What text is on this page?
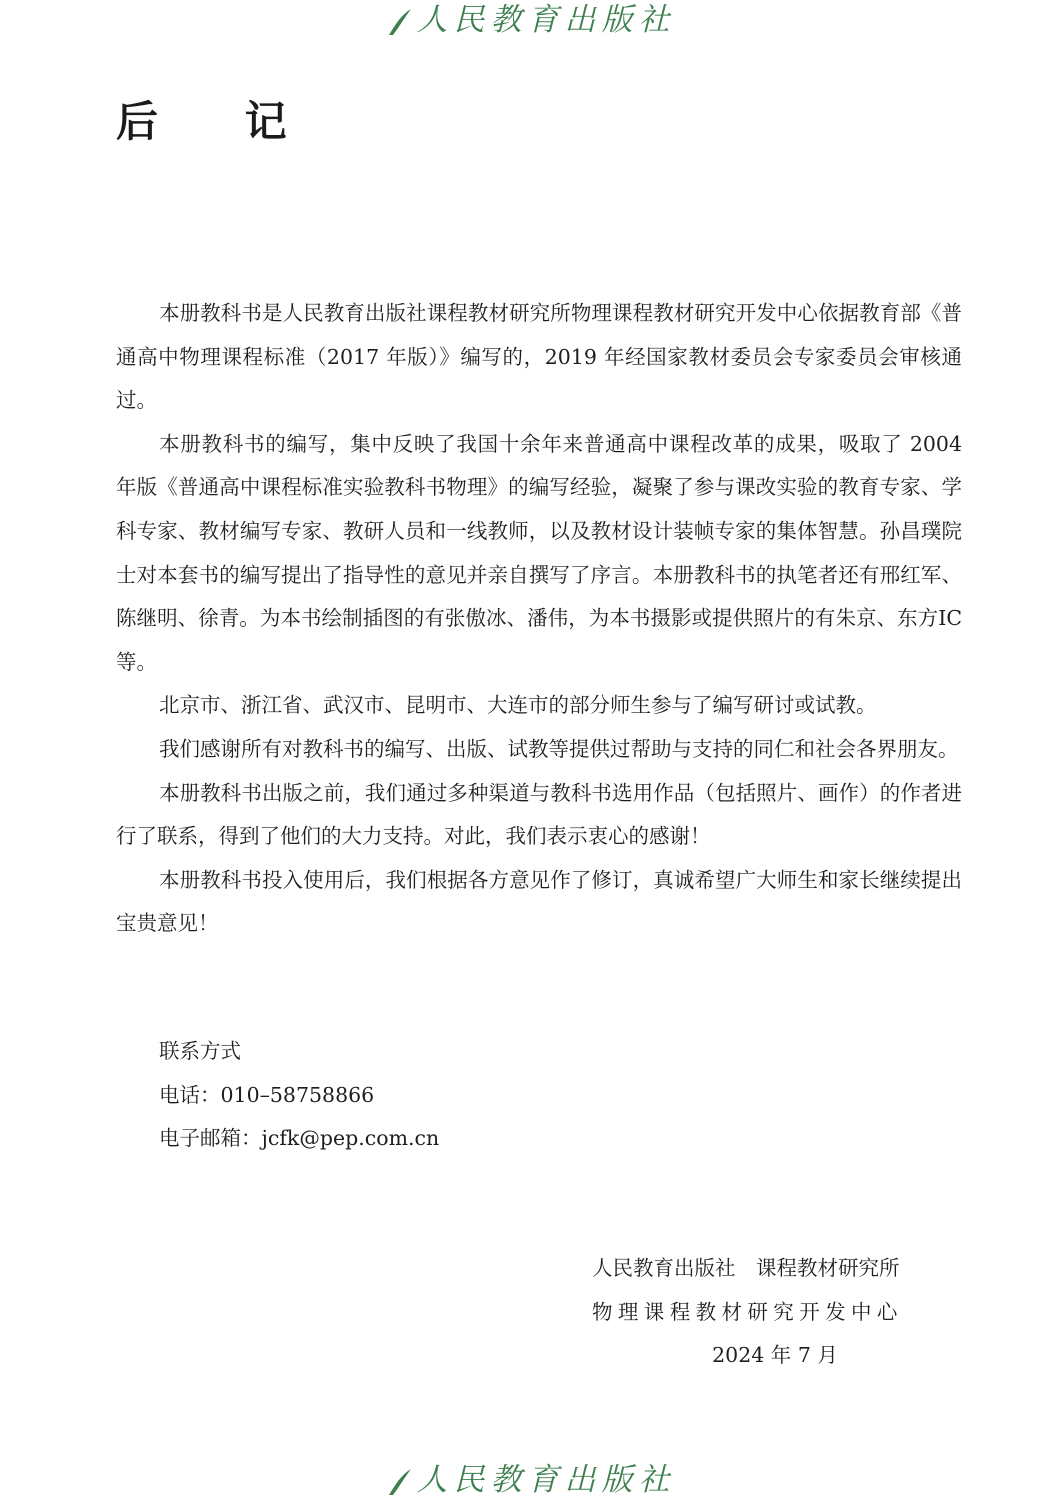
人民教育出版社
后 记

本册教科书是人民教育出版社课程教材研究所物理课程教材研究开发中心依据教育部《普通高中物理课程标准（2017 年版）》编写的，2019 年经国家教材委员会专家委员会审核通过。

本册教科书的编写，集中反映了我国十余年来普通高中课程改革的成果，吸取了 2004 年版《普通高中课程标准实验教科书物理》的编写经验，凝聚了参与课改实验的教育专家、学科专家、教材编写专家、教研人员和一线教师，以及教材设计装帧专家的集体智慧。孙昌璞院士对本套书的编写提出了指导性的意见并亲自撰写了序言。本册教科书的执笔者还有邢红军、陈继明、徐青。为本书绘制插图的有张傲冰、潘伟，为本书摄影或提供照片的有朱京、东方IC等。

北京市、浙江省、武汉市、昆明市、大连市的部分师生参与了编写研讨或试教。

我们感谢所有对教科书的编写、出版、试教等提供过帮助与支持的同仁和社会各界朋友。

本册教科书出版之前，我们通过多种渠道与教科书选用作品（包括照片、画作）的作者进行了联系，得到了他们的大力支持。对此，我们表示衷心的感谢！

本册教科书投入使用后，我们根据各方意见作了修订，真诚希望广大师生和家长继续提出宝贵意见！

联系方式
电话：010–58758866
电子邮箱：jcfk@pep.com.cn
人民教育出版社　课程教材研究所
物理课程教材研究开发中心
2024 年 7 月
人民教育出版社
